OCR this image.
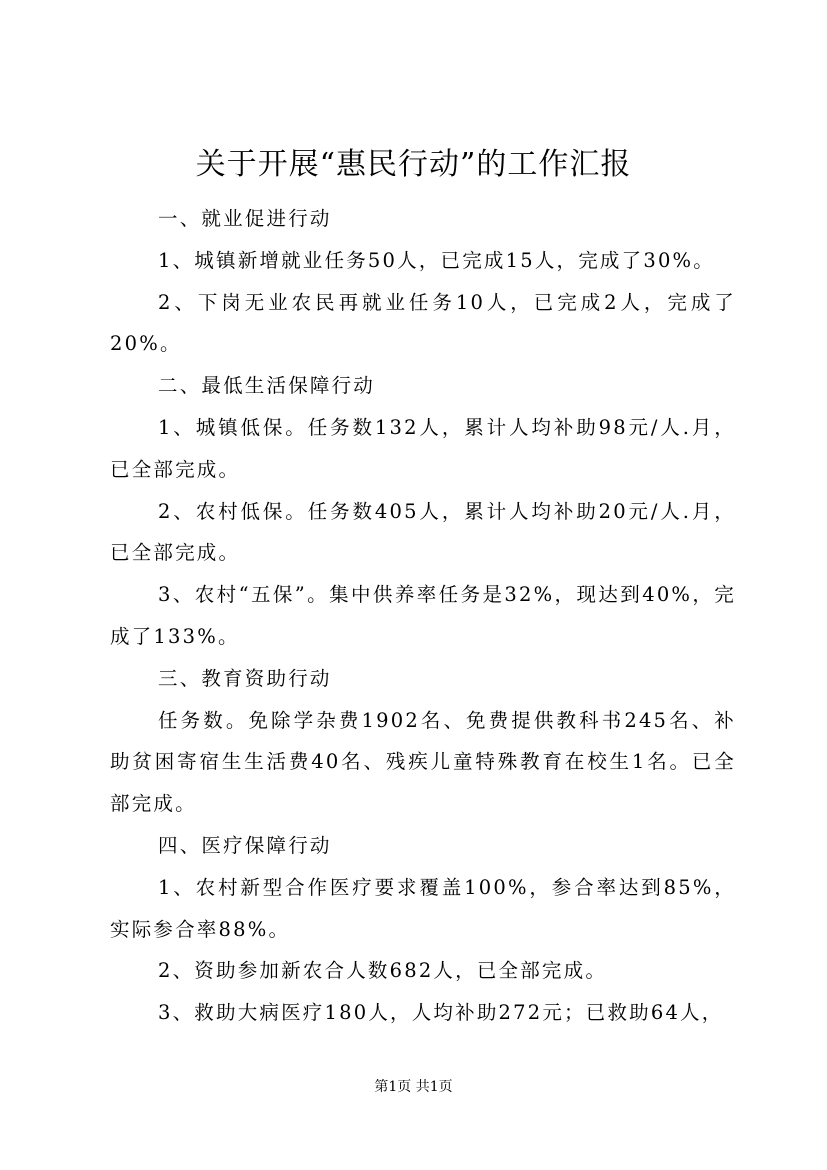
关于开展“惠民行动”的工作汇报

一、就业促进行动

1、城镇新增就业任务50人，已完成15人，完成了30%。

2、下岗无业农民再就业任务10人，已完成2人，完成了20%。

二、最低生活保障行动

1、城镇低保。任务数132人，累计人均补助98元/人.月，已全部完成。

2、农村低保。任务数405人，累计人均补助20元/人.月，已全部完成。

3、农村“五保”。集中供养率任务是32%，现达到40%，完成了133%。

三、教育资助行动

任务数。免除学杂费1902名、免费提供教科书245名、补助贫困寄宿生生活费40名、残疾儿童特殊教育在校生1名。已全部完成。

四、医疗保障行动

1、农村新型合作医疗要求覆盖100%，参合率达到85%，实际参合率88%。

2、资助参加新农合人数682人，已全部完成。

3、救助大病医疗180人，人均补助272元；已救助64人，

第1页 共1页
